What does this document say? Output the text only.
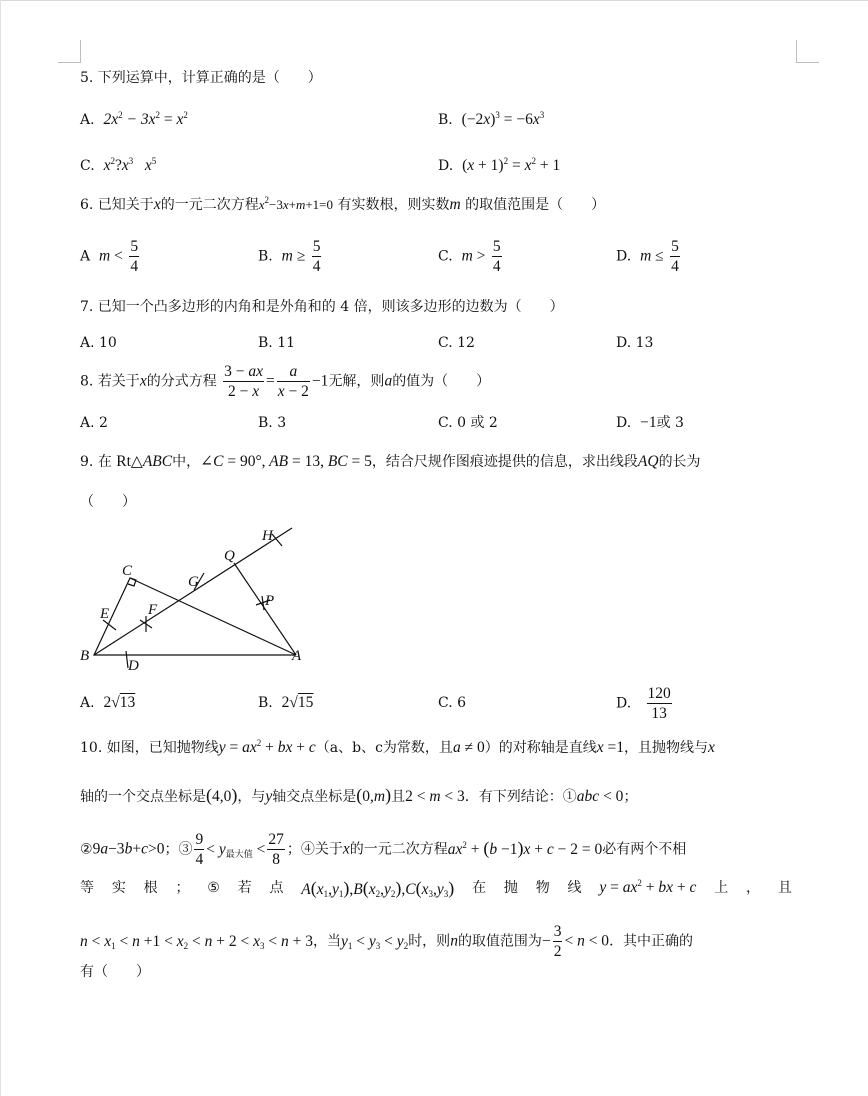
5. 下列运算中，计算正确的是（　　）
A. $2x^2 - 3x^2 = x^2$	B. $(-2x)^3 = -6x^3$
C. $x^2?x^3$   $x^5$	D. $(x + 1)^2 = x^2 + 1$
6. 已知关于x的一元二次方程$x^2-3x+m+1=0$ 有实数根，则实数m 的取值范围是（　　）
A $m < \frac{5}{4}$	B. $m \ge \frac{5}{4}$	C. $m > \frac{5}{4}$	D. $m \le \frac{5}{4}$
7. 已知一个凸多边形的内角和是外角和的 4 倍，则该多边形的边数为（　　）
A. 10	B. 11	C. 12	D. 13
8. 若关于x的分式方程 $\frac{3 - ax}{2 - x} = \frac{a}{x - 2} -1$无解，则a的值为（　　）
A. 2	B. 3	C. 0 或 2	D. −1或 3
9. 在 Rt△ABC中，∠C = 90°, AB = 13, BC = 5，结合尺规作图痕迹提供的信息，求出线段AQ的长为
（　　）
H
Q
C
G
E	F
P
B
D
A
A. 2√13	B. 2√15	C. 6	D. $\frac{120}{13}$
10. 如图，已知抛物线$y = ax^2$ + bx + c（a、b、c为常数，且a ≠ 0）的对称轴是直线x =1，且抛物线与x
轴的一个交点坐标是(4,0)，与y轴交点坐标是(0,m)且2 < m < 3．有下列结论：①abc < 0；
②9a−3b+c>0；③ $\frac{9}{4} < y_{最大值} < \frac{27}{8}$ ；④关于x的一元二次方程$ax^2 + (b -1)x + c - 2 = 0$必有两个不相
等 实 根 ； ⑤ 若 点 $A(x_1,y_1),B(x_2,y_2),C(x_3,y_3)$ 在 抛 物 线 $y = ax^2$ + bx + c 上 ， 且
$n < x_1 < n +1 < x_2 < n + 2 < x_3 < n + 3$，当$y_1 < y_3 < y_2$时，则n的取值范围为− $\frac{3}{2} < n < 0$．其中正确的
有（　　）
